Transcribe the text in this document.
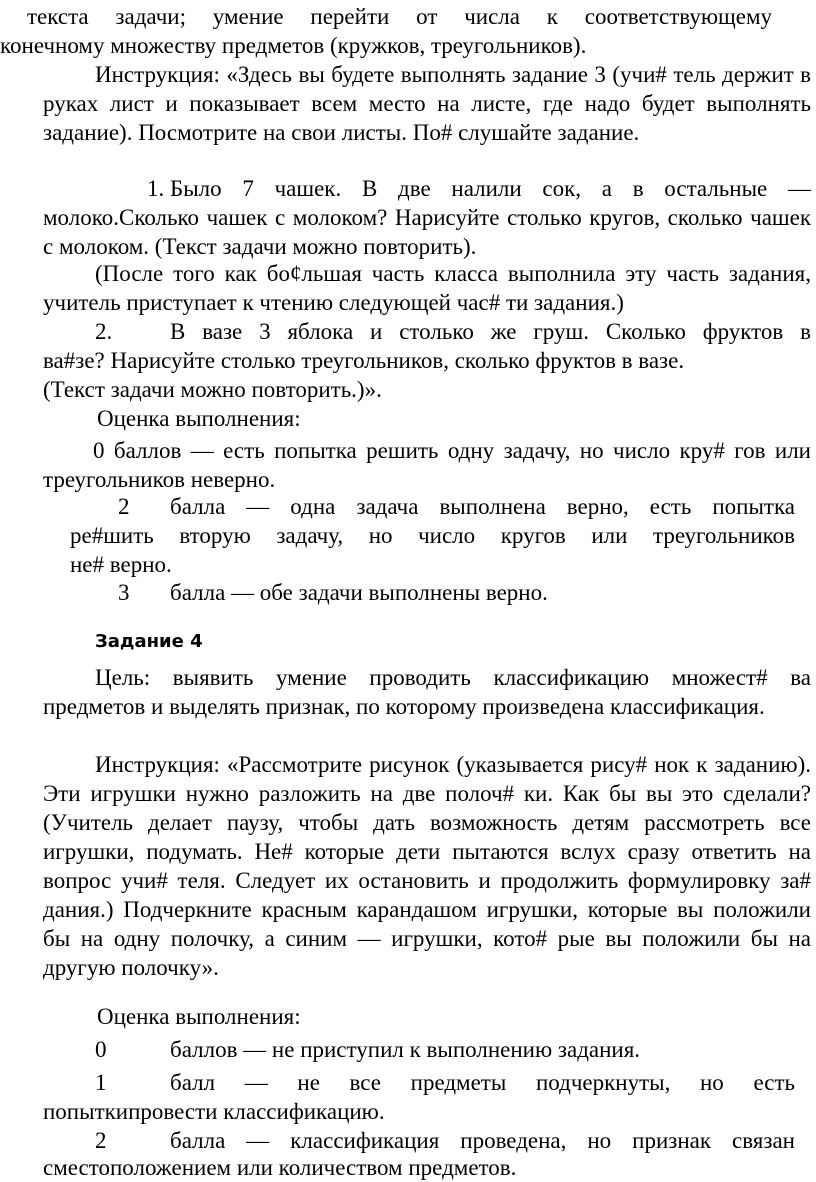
текста задачи; умение перейти от числа к соответствующему
конечному множеству предметов (кружков, треугольников).
Инструкция: «Здесь вы будете выполнять задание 3 (учи# тель держит в руках лист и показывает всем место на листе, где надо будет выполнять задание). Посмотрите на свои листы. По# слушайте задание.
1. Было 7 чашек. В две налили сок, а в остальные — молоко.Сколько чашек с молоком? Нарисуйте столько кругов, сколько чашек с молоком. (Текст задачи можно повторить).
(После того как бо¢льшая часть класса выполнила эту часть задания, учитель приступает к чтению следующей час# ти задания.)
2.	В вазе 3 яблока и столько же груш. Сколько фруктов в
ва#зе? Нарисуйте столько треугольников, сколько фруктов в вазе.
(Текст задачи можно повторить.)».
Оценка выполнения:
0 баллов — есть попытка решить одну задачу, но число кру# гов или треугольников неверно.
2 балла — одна задача выполнена верно, есть попытка
ре#шить вторую задачу, но число кругов или треугольников
не# верно.
3 балла — обе задачи выполнены верно.
Задание 4
Цель: выявить умение проводить классификацию множест# ва предметов и выделять признак, по которому произведена классификация.
Инструкция: «Рассмотрите рисунок (указывается рису# нок к заданию). Эти игрушки нужно разложить на две полоч# ки. Как бы вы это сделали? (Учитель делает паузу, чтобы дать возможность детям рассмотреть все игрушки, подумать. Не# которые дети пытаются вслух сразу ответить на вопрос учи# теля. Следует их остановить и продолжить формулировку за# дания.) Подчеркните красным карандашом игрушки, которые вы положили бы на одну полочку, а синим — игрушки, кото# рые вы положили бы на другую полочку».
Оценка выполнения:
0	баллов — не приступил к выполнению задания.
1	балл — не все предметы подчеркнуты, но есть
попыткипровести классификацию.
2	балла — классификация проведена, но признак связан
сместоположением или количеством предметов.
